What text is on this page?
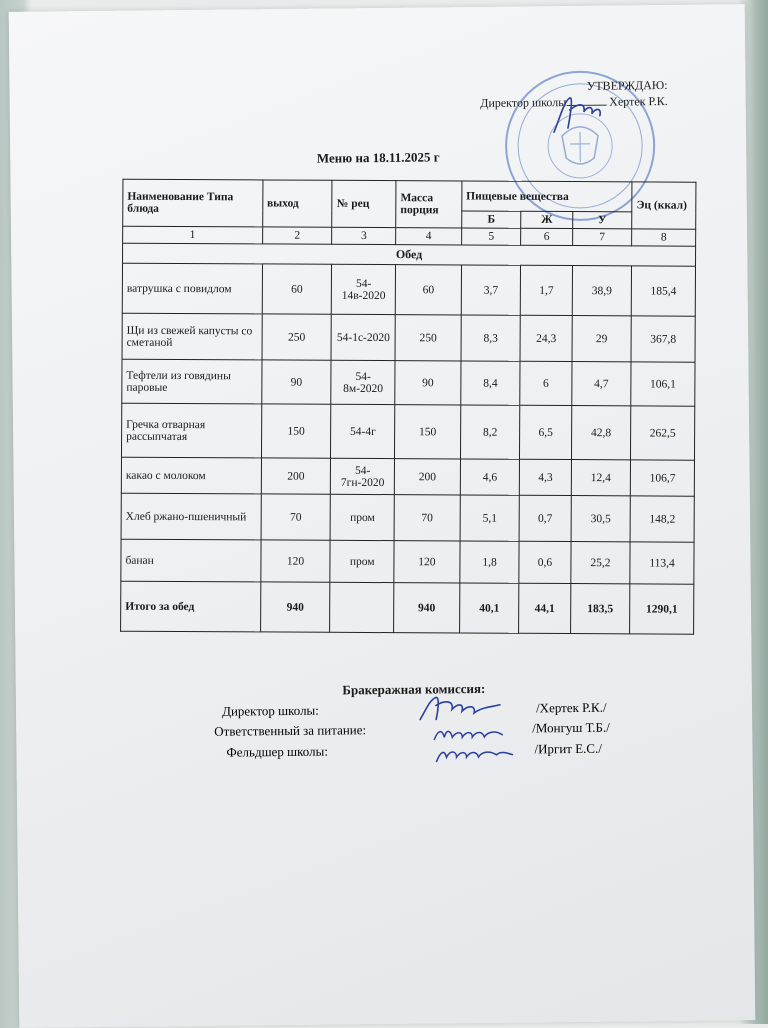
УТВЕРЖДАЮ:
Директор школы	Хертек Р.К.
Меню на 18.11.2025 г
Наименование Типа блюда	выход	№ рец	Масса порция	Пищевые вещества			Эц (ккал)
				Б	Ж	У	
1	2	3	4	5	6	7	8
Обед							
ватрушка с повидлом	60	54-14в-2020	60	3,7	1,7	38,9	185,4
Щи из свежей капусты со сметаной	250	54-1с-2020	250	8,3	24,3	29	367,8
Тефтели из говядины паровые	90	54-8м-2020	90	8,4	6	4,7	106,1
Гречка отварная рассыпчатая	150	54-4г	150	8,2	6,5	42,8	262,5
какао с молоком	200	54-7гн-2020	200	4,6	4,3	12,4	106,7
Хлеб ржано-пшеничный	70	пром	70	5,1	0,7	30,5	148,2
банан	120	пром	120	1,8	0,6	25,2	113,4
Итого за обед	940		940	40,1	44,1	183,5	1290,1
Бракеражная комиссия:
Директор школы:	/Хертек Р.К./
Ответственный за питание:	/Монгуш Т.Б./
Фельдшер школы:	/Иргит Е.С./
